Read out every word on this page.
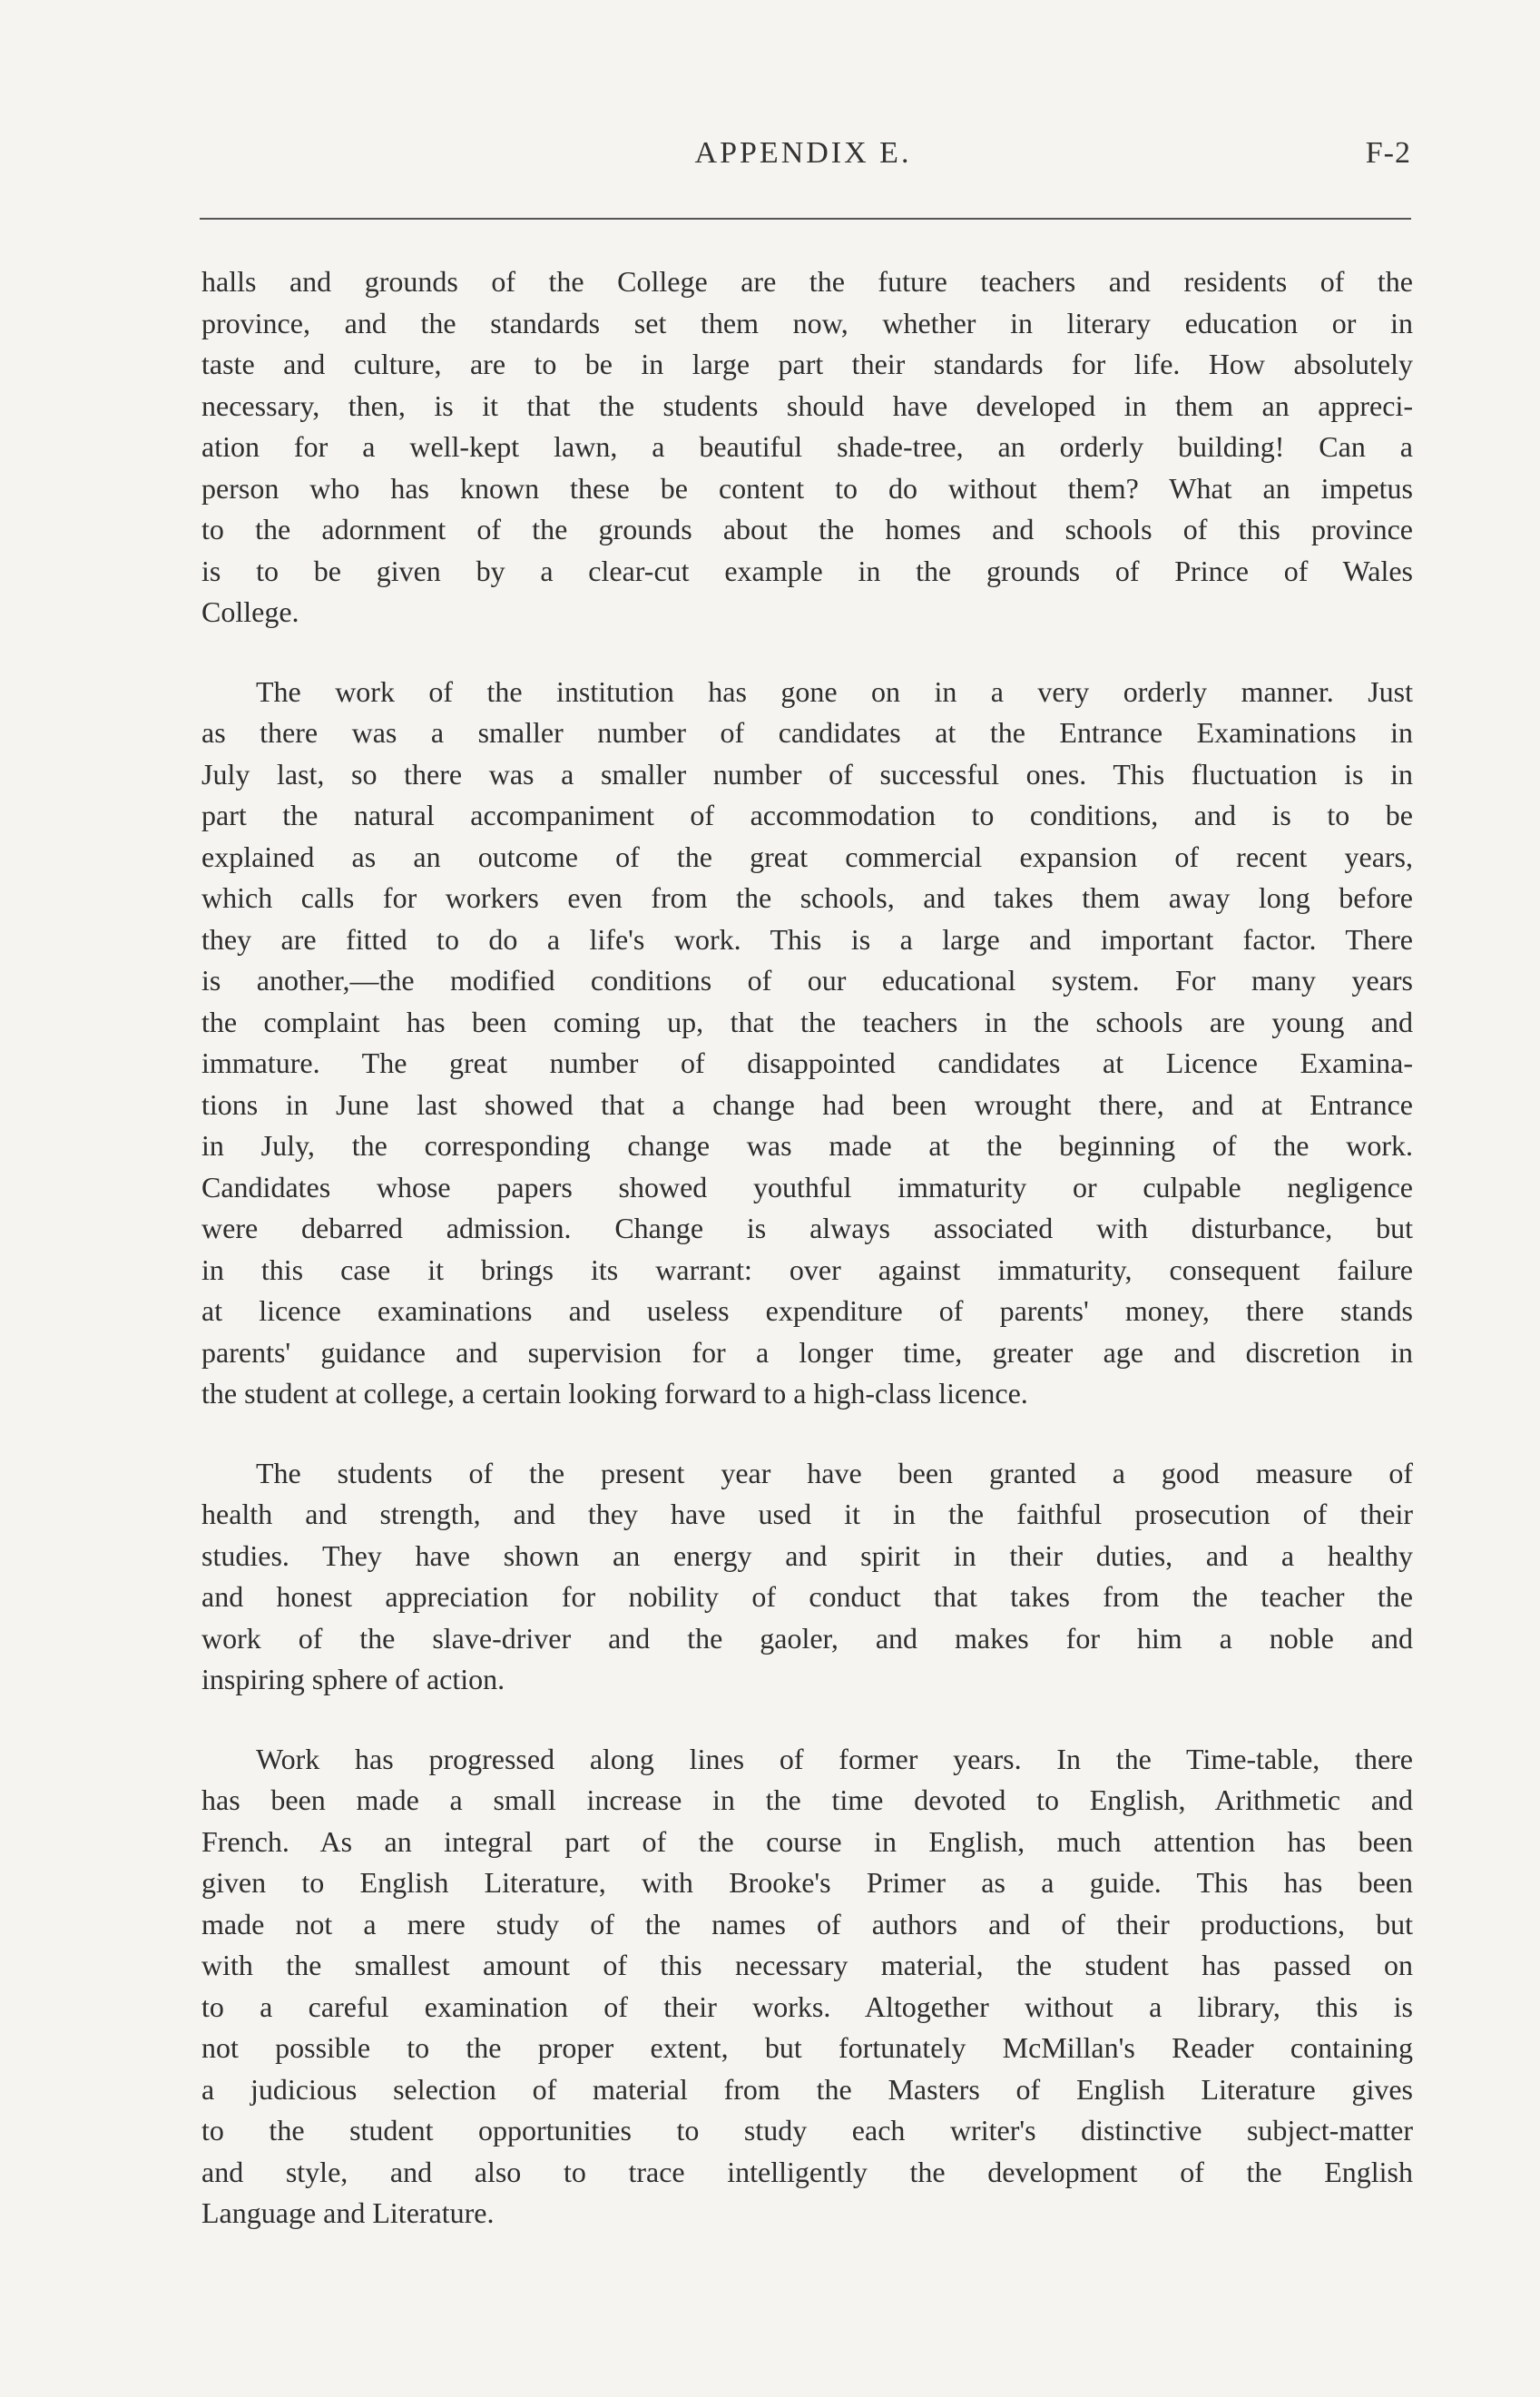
APPENDIX E.	F-2
halls and grounds of the College are the future teachers and residents of the
province, and the standards set them now, whether in literary education or in
taste and culture, are to be in large part their standards for life. How absolutely
necessary, then, is it that the students should have developed in them an appreci-
ation for a well-kept lawn, a beautiful shade-tree, an orderly building! Can a
person who has known these be content to do without them? What an impetus
to the adornment of the grounds about the homes and schools of this province
is to be given by a clear-cut example in the grounds of Prince of Wales
College.
The work of the institution has gone on in a very orderly manner. Just
as there was a smaller number of candidates at the Entrance Examinations in
July last, so there was a smaller number of successful ones. This fluctuation is in
part the natural accompaniment of accommodation to conditions, and is to be
explained as an outcome of the great commercial expansion of recent years,
which calls for workers even from the schools, and takes them away long before
they are fitted to do a life's work. This is a large and important factor. There
is another,—the modified conditions of our educational system. For many years
the complaint has been coming up, that the teachers in the schools are young and
immature. The great number of disappointed candidates at Licence Examina-
tions in June last showed that a change had been wrought there, and at Entrance
in July, the corresponding change was made at the beginning of the work.
Candidates whose papers showed youthful immaturity or culpable negligence
were debarred admission. Change is always associated with disturbance, but
in this case it brings its warrant: over against immaturity, consequent failure
at licence examinations and useless expenditure of parents' money, there stands
parents' guidance and supervision for a longer time, greater age and discretion in
the student at college, a certain looking forward to a high-class licence.
The students of the present year have been granted a good measure of
health and strength, and they have used it in the faithful prosecution of their
studies. They have shown an energy and spirit in their duties, and a healthy
and honest appreciation for nobility of conduct that takes from the teacher the
work of the slave-driver and the gaoler, and makes for him a noble and
inspiring sphere of action.
Work has progressed along lines of former years. In the Time-table, there
has been made a small increase in the time devoted to English, Arithmetic and
French. As an integral part of the course in English, much attention has been
given to English Literature, with Brooke's Primer as a guide. This has been
made not a mere study of the names of authors and of their productions, but
with the smallest amount of this necessary material, the student has passed on
to a careful examination of their works. Altogether without a library, this is
not possible to the proper extent, but fortunately McMillan's Reader containing
a judicious selection of material from the Masters of English Literature gives
to the student opportunities to study each writer's distinctive subject-matter
and style, and also to trace intelligently the development of the English
Language and Literature.
